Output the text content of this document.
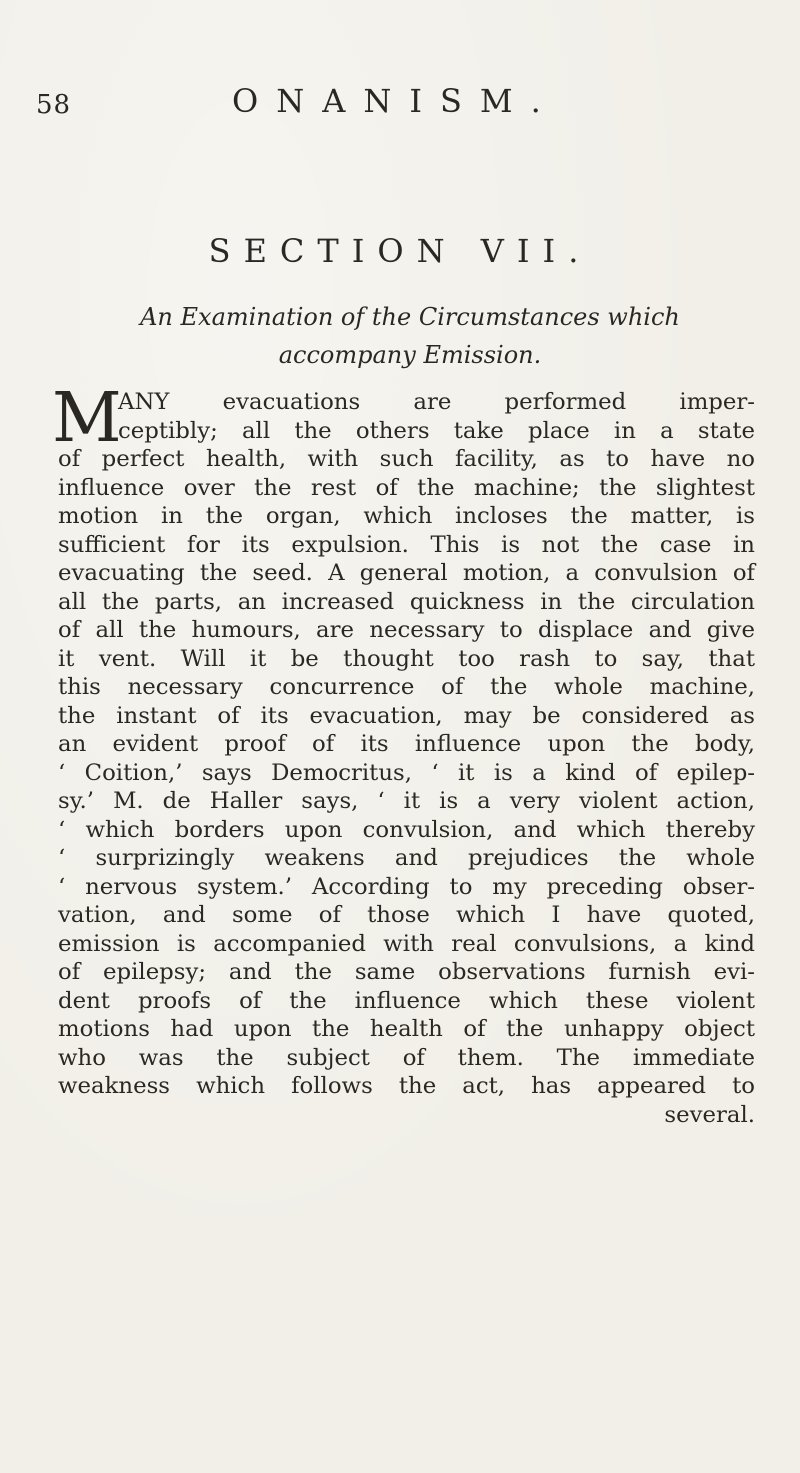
58	ONANISM.
SECTION VII.
An Examination of the Circumstances which accompany Emission.
M
ANY evacuations are performed imper-
ceptibly; all the others take place in a state
of perfect health, with such facility, as to have no
influence over the rest of the machine; the slightest
motion in the organ, which incloses the matter, is
sufficient for its expulsion. This is not the case in
evacuating the seed. A general motion, a convulsion of
all the parts, an increased quickness in the circulation
of all the humours, are necessary to displace and give
it vent. Will it be thought too rash to say, that
this necessary concurrence of the whole machine,
the instant of its evacuation, may be considered as
an evident proof of its influence upon the body,
‘ Coition,’ says Democritus, ‘ it is a kind of epilep-
sy.’ M. de Haller says, ‘ it is a very violent action,
‘ which borders upon convulsion, and which thereby
‘ surprizingly weakens and prejudices the whole
‘ nervous system.’ According to my preceding obser-
vation, and some of those which I have quoted,
emission is accompanied with real convulsions, a kind
of epilepsy; and the same observations furnish evi-
dent proofs of the influence which these violent
motions had upon the health of the unhappy object
who was the subject of them. The immediate
weakness which follows the act, has appeared to
several.
